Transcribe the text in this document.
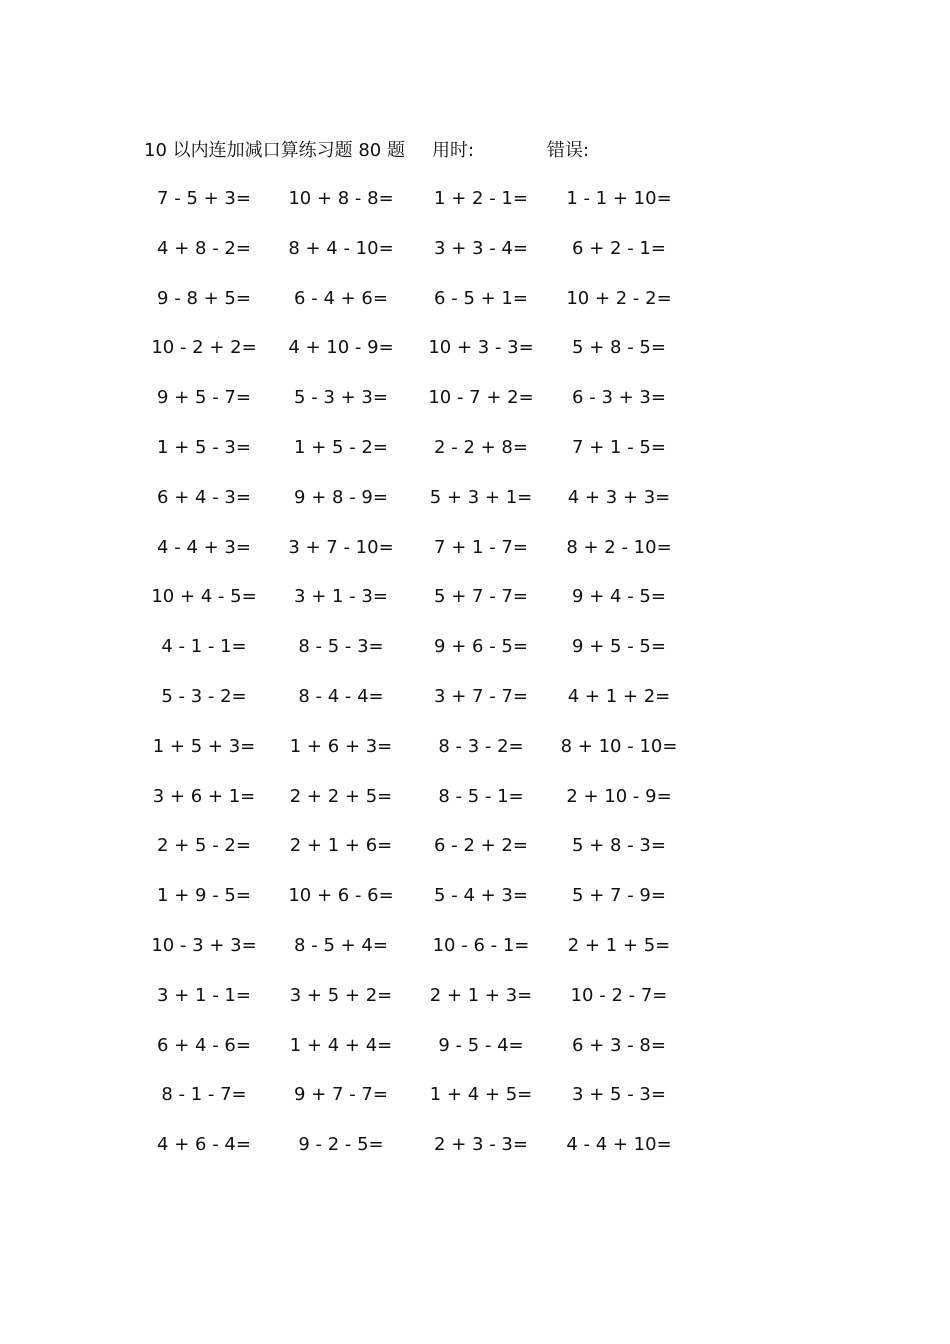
10 以内连加减口算练习题 80 题 用时:	错误:
7 - 5 + 3=	10 + 8 - 8=	1 + 2 - 1=	1 - 1 + 10=
4 + 8 - 2=	8 + 4 - 10=	3 + 3 - 4=	6 + 2 - 1=
9 - 8 + 5=	6 - 4 + 6=	6 - 5 + 1=	10 + 2 - 2=
10 - 2 + 2=	4 + 10 - 9=	10 + 3 - 3=	5 + 8 - 5=
9 + 5 - 7=	5 - 3 + 3=	10 - 7 + 2=	6 - 3 + 3=
1 + 5 - 3=	1 + 5 - 2=	2 - 2 + 8=	7 + 1 - 5=
6 + 4 - 3=	9 + 8 - 9=	5 + 3 + 1=	4 + 3 + 3=
4 - 4 + 3=	3 + 7 - 10=	7 + 1 - 7=	8 + 2 - 10=
10 + 4 - 5=	3 + 1 - 3=	5 + 7 - 7=	9 + 4 - 5=
4 - 1 - 1=	8 - 5 - 3=	9 + 6 - 5=	9 + 5 - 5=
5 - 3 - 2=	8 - 4 - 4=	3 + 7 - 7=	4 + 1 + 2=
1 + 5 + 3=	1 + 6 + 3=	8 - 3 - 2=	8 + 10 - 10=
3 + 6 + 1=	2 + 2 + 5=	8 - 5 - 1=	2 + 10 - 9=
2 + 5 - 2=	2 + 1 + 6=	6 - 2 + 2=	5 + 8 - 3=
1 + 9 - 5=	10 + 6 - 6=	5 - 4 + 3=	5 + 7 - 9=
10 - 3 + 3=	8 - 5 + 4=	10 - 6 - 1=	2 + 1 + 5=
3 + 1 - 1=	3 + 5 + 2=	2 + 1 + 3=	10 - 2 - 7=
6 + 4 - 6=	1 + 4 + 4=	9 - 5 - 4=	6 + 3 - 8=
8 - 1 - 7=	9 + 7 - 7=	1 + 4 + 5=	3 + 5 - 3=
4 + 6 - 4=	9 - 2 - 5=	2 + 3 - 3=	4 - 4 + 10=
